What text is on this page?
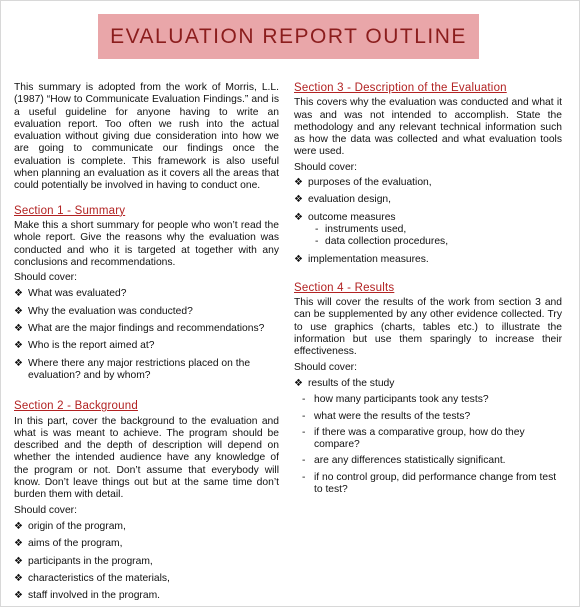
EVALUATION REPORT OUTLINE

This summary is adopted from the work of Morris, L.L. (1987) “How to Communicate Evaluation Findings.” and is a useful guideline for anyone having to write an evaluation report. Too often we rush into the actual evaluation without giving due consideration into how we are going to communicate our findings once the evaluation is complete. This framework is also useful when planning an evaluation as it covers all the areas that could potentially be involved in having to conduct one.

Section 1 - Summary

Make this a short summary for people who won’t read the whole report. Give the reasons why the evaluation was conducted and who it is targeted at together with any conclusions and recommendations.

Should cover:

❖ What was evaluated?
❖ Why the evaluation was conducted?
❖ What are the major findings and recommendations?
❖ Who is the report aimed at?
❖ Where there any major restrictions placed on the evaluation? and by whom?

Section 2 - Background

In this part, cover the background to the evaluation and what is was meant to achieve. The program should be described and the depth of description will depend on whether the intended audience have any knowledge of the program or not. Don’t assume that everybody will know. Don’t leave things out but at the same time don’t burden them with detail.

Should cover:

❖ origin of the program,
❖ aims of the program,
❖ participants in the program,
❖ characteristics of the materials,
❖ staff involved in the program.

Section 3 - Description of the Evaluation

This covers why the evaluation was conducted and what it was and was not intended to accomplish. State the methodology and any relevant technical information such as how the data was collected and what evaluation tools were used.

Should cover:

❖ purposes of the evaluation,
❖ evaluation design,
❖ outcome measures
- instruments used,
- data collection procedures,
❖ implementation measures.

Section 4 - Results

This will cover the results of the work from section 3 and can be supplemented by any other evidence collected. Try to use graphics (charts, tables etc.) to illustrate the information but use them sparingly to increase their effectiveness.

Should cover:

❖ results of the study
- how many participants took any tests?
- what were the results of the tests?
- if there was a comparative group, how do they compare?
- are any differences statistically significant.
- if no control group, did performance change from test to test?
